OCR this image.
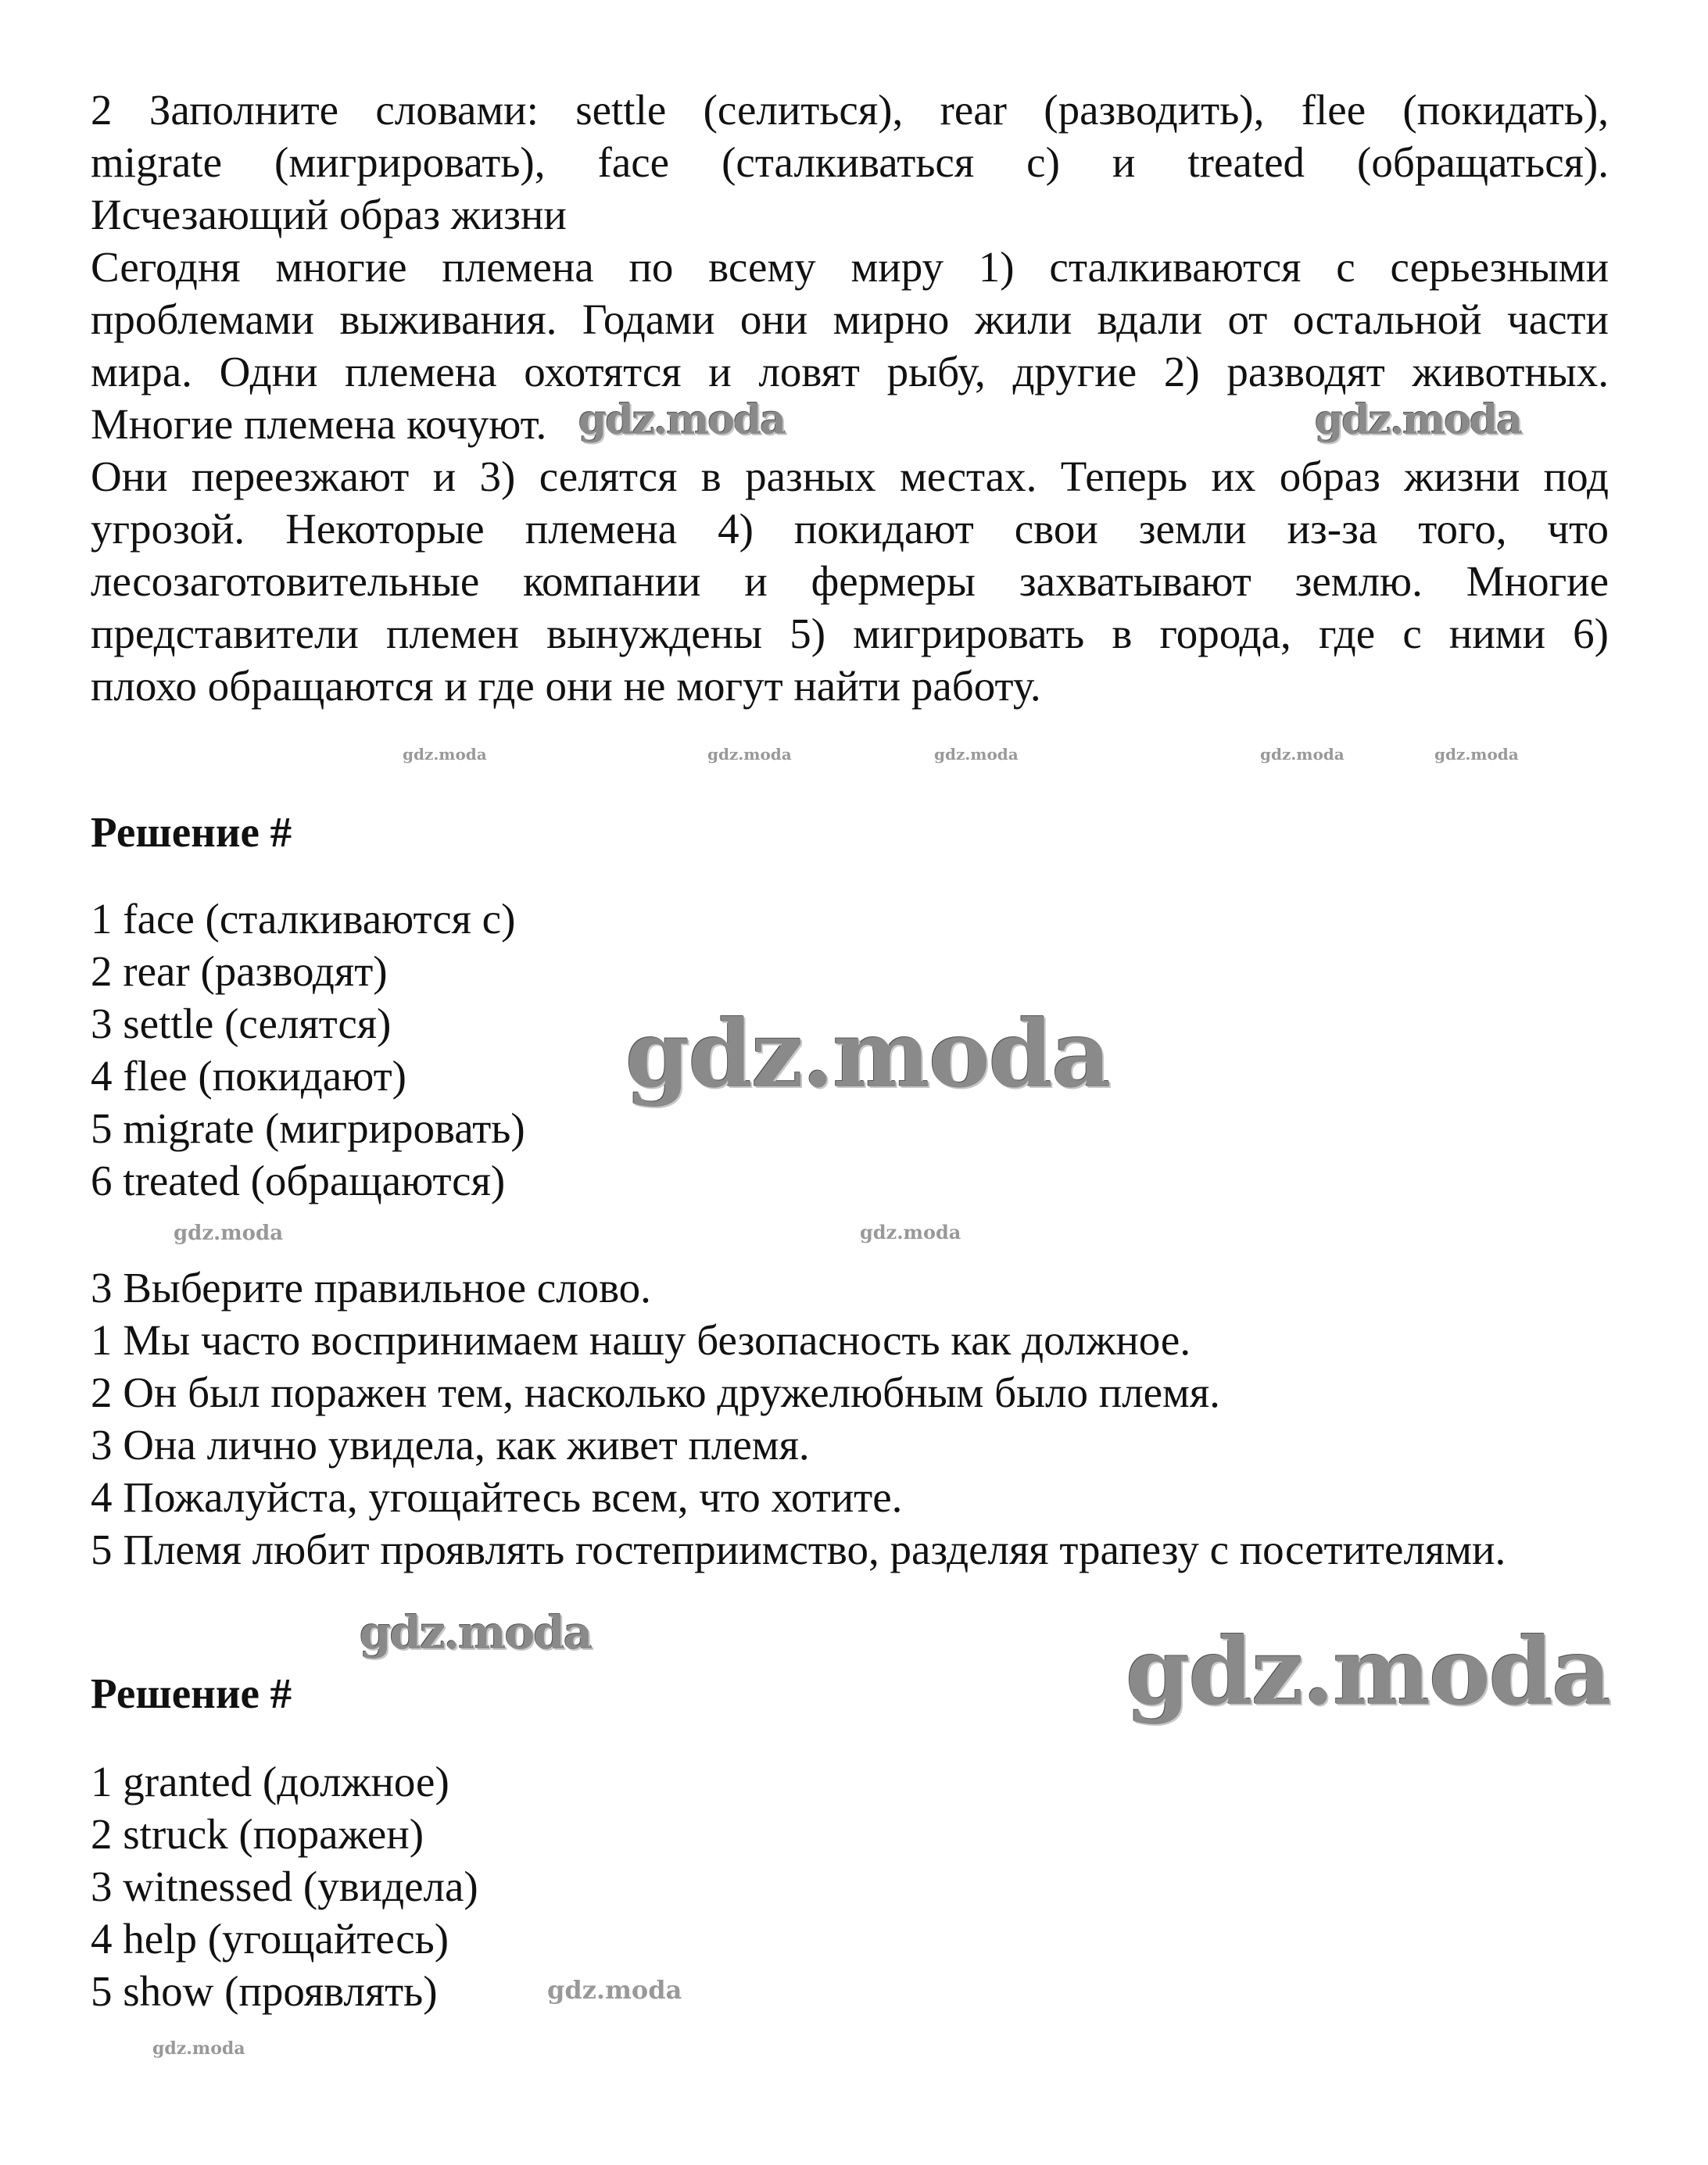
2 Заполните словами: settle (селиться), rear (разводить), flee (покидать),
migrate (мигрировать), face (сталкиваться с) и treated (обращаться).
Исчезающий образ жизни
Сегодня многие племена по всему миру 1) сталкиваются с серьезными
проблемами выживания. Годами они мирно жили вдали от остальной части
мира. Одни племена охотятся и ловят рыбу, другие 2) разводят животных.
Многие племена кочуют.
Они переезжают и 3) селятся в разных местах. Теперь их образ жизни под
угрозой. Некоторые племена 4) покидают свои земли из-за того, что
лесозаготовительные компании и фермеры захватывают землю. Многие
представители племен вынуждены 5) мигрировать в города, где с ними 6)
плохо обращаются и где они не могут найти работу.
Решение #
1 face (сталкиваются с)
2 rear (разводят)
3 settle (селятся)
4 flee (покидают)
5 migrate (мигрировать)
6 treated (обращаются)
3 Выберите правильное слово.
1 Мы часто воспринимаем нашу безопасность как должное.
2 Он был поражен тем, насколько дружелюбным было племя.
3 Она лично увидела, как живет племя.
4 Пожалуйста, угощайтесь всем, что хотите.
5 Племя любит проявлять гостеприимство, разделяя трапезу с посетителями.
Решение #
1 granted (должное)
2 struck (поражен)
3 witnessed (увидела)
4 help (угощайтесь)
5 show (проявлять)
gdz.moda
gdz.moda
gdz.moda	gdz.moda
gdz.moda
gdz.moda	gdz.moda	gdz.moda	gdz.moda	gdz.moda
gdz.moda	gdz.moda
gdz.moda
gdz.moda
